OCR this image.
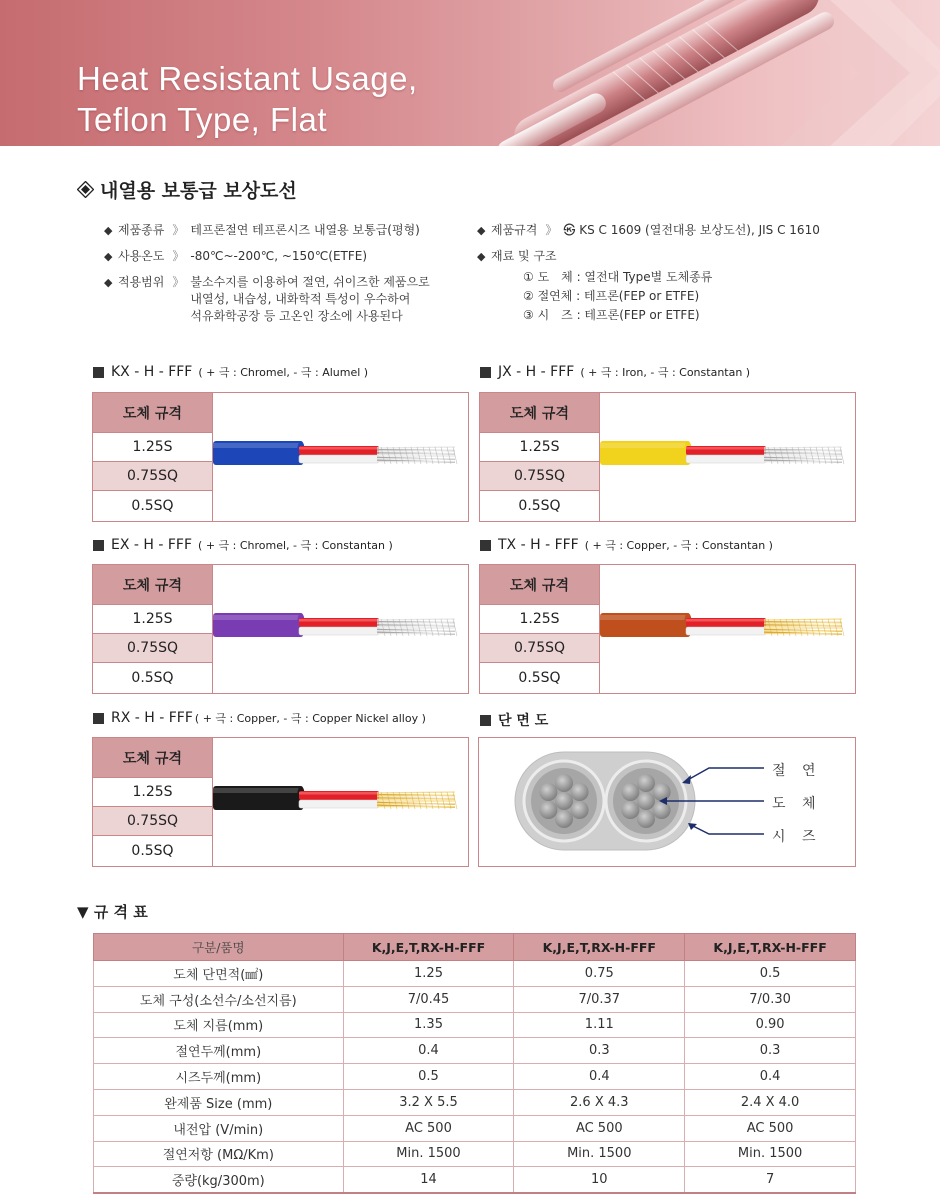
Heat Resistant Usage,
Teflon Type, Flat
내열용 보통급 보상도선
◆ 제품종류 》 테프론절연 테프론시즈 내열용 보통급(평형)
◆ 사용온도 》 -80℃~-200℃, ~150℃(ETFE)
◆ 적용범위 》 불소수지를 이용하여 절연, 쉬이즈한 제품으로
내열성, 내습성, 내화학적 특성이 우수하여
석유화학공장 등 고온인 장소에 사용된다
◆ 제품규격 》 ㉿ KS C 1609 (열전대용 보상도선), JIS C 1610
◆ 재료 및 구조
① 도　체 : 열전대 Type별 도체종류
② 절연체 : 테프론(FEP or ETFE)
③ 시　즈 : 테프론(FEP or ETFE)
KX - H - FFF ( + 극 : Chromel, - 극 : Alumel )
도체 규격
1.25S
0.75SQ
0.5SQ
JX - H - FFF ( + 극 : Iron, - 극 : Constantan )
도체 규격
1.25S
0.75SQ
0.5SQ
EX - H - FFF ( + 극 : Chromel, - 극 : Constantan )
도체 규격
1.25S
0.75SQ
0.5SQ
TX - H - FFF ( + 극 : Copper, - 극 : Constantan )
도체 규격
1.25S
0.75SQ
0.5SQ
RX - H - FFF ( + 극 : Copper, - 극 : Copper Nickel alloy )
도체 규격
1.25S
0.75SQ
0.5SQ
단 면 도
절 연
도 체
시 즈
▼ 규 격 표
구분/품명	K,J,E,T,RX-H-FFF	K,J,E,T,RX-H-FFF	K,J,E,T,RX-H-FFF
도체 단면적(㎟)	1.25	0.75	0.5
도체 구성(소선수/소선지름)	7/0.45	7/0.37	7/0.30
도체 지름(mm)	1.35	1.11	0.90
절연두께(mm)	0.4	0.3	0.3
시즈두께(mm)	0.5	0.4	0.4
완제품 Size (mm)	3.2 X 5.5	2.6 X 4.3	2.4 X 4.0
내전압 (V/min)	AC 500	AC 500	AC 500
절연저항 (MΩ/Km)	Min. 1500	Min. 1500	Min. 1500
중량(kg/300m)	14	10	7
